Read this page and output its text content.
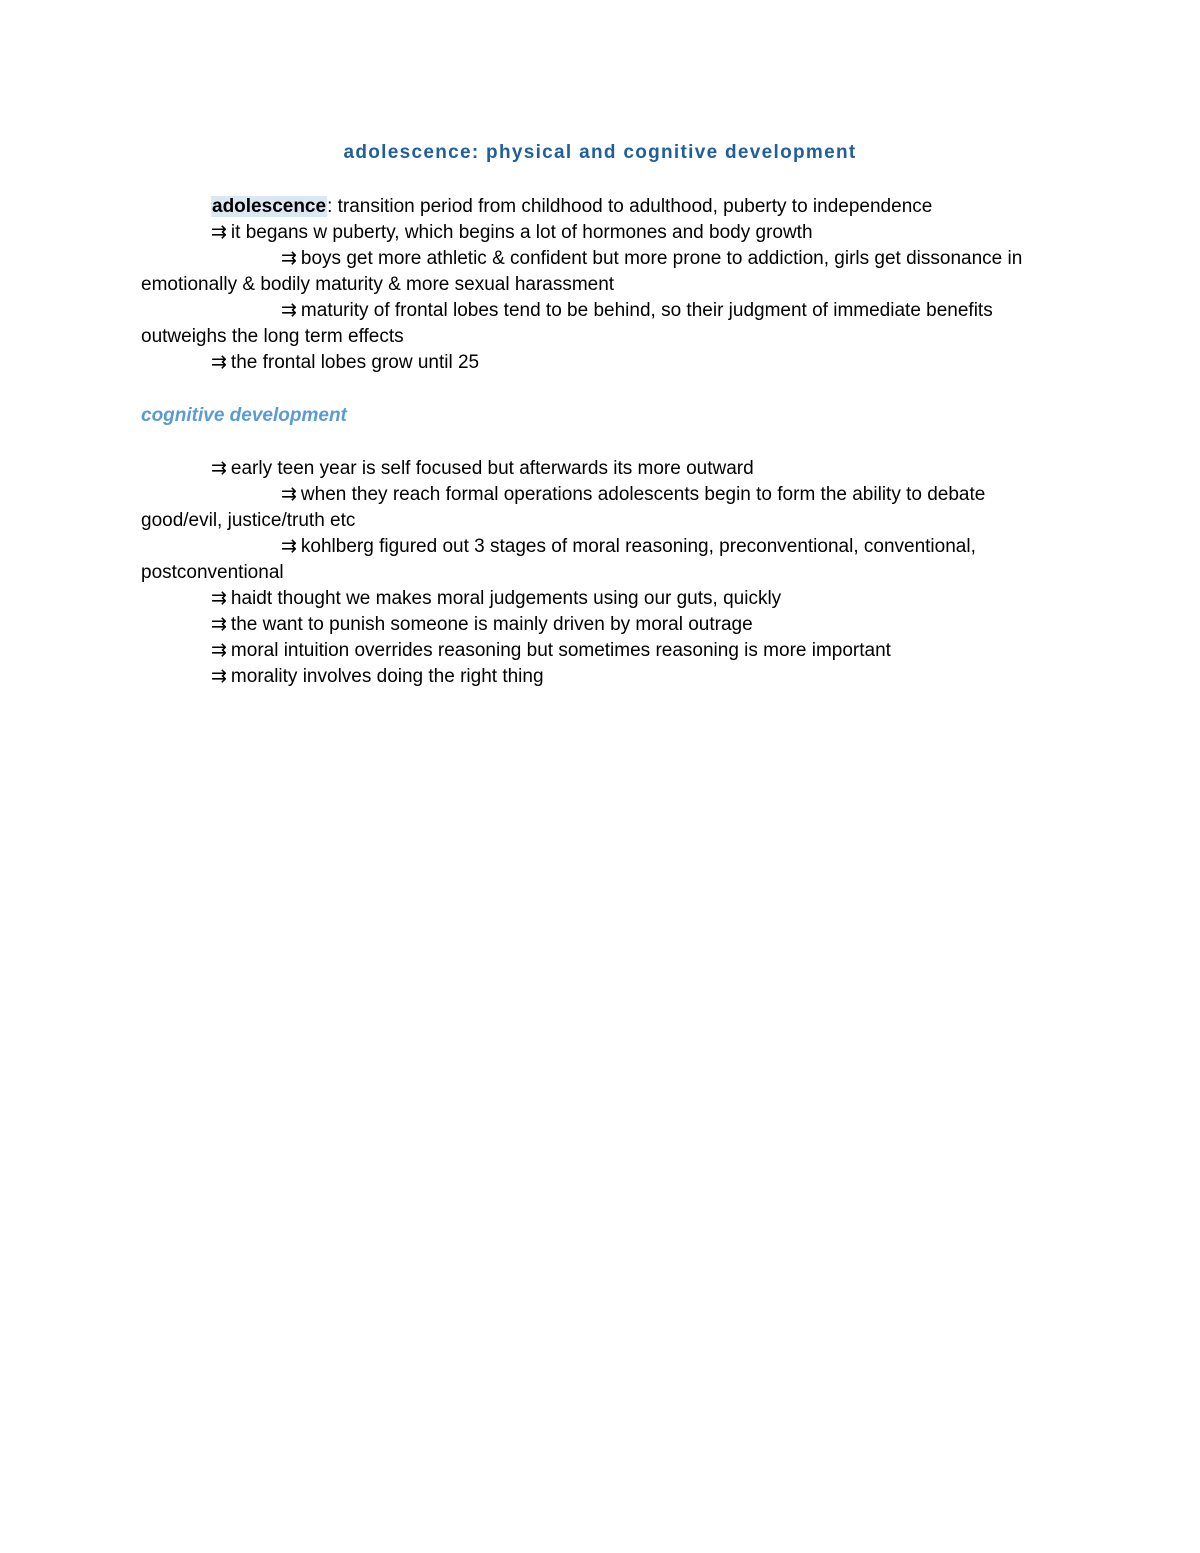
adolescence: physical and cognitive development

adolescence: transition period from childhood to adulthood, puberty to independence

⇉ it begans w puberty, which begins a lot of hormones and body growth

⇉ boys get more athletic & confident but more prone to addiction, girls get dissonance in emotionally & bodily maturity & more sexual harassment

⇉ maturity of frontal lobes tend to be behind, so their judgment of immediate benefits outweighs the long term effects

⇉ the frontal lobes grow until 25

cognitive development

⇉ early teen year is self focused but afterwards its more outward

⇉ when they reach formal operations adolescents begin to form the ability to debate good/evil, justice/truth etc

⇉ kohlberg figured out 3 stages of moral reasoning, preconventional, conventional, postconventional

⇉ haidt thought we makes moral judgements using our guts, quickly

⇉ the want to punish someone is mainly driven by moral outrage

⇉ moral intuition overrides reasoning but sometimes reasoning is more important

⇉ morality involves doing the right thing
